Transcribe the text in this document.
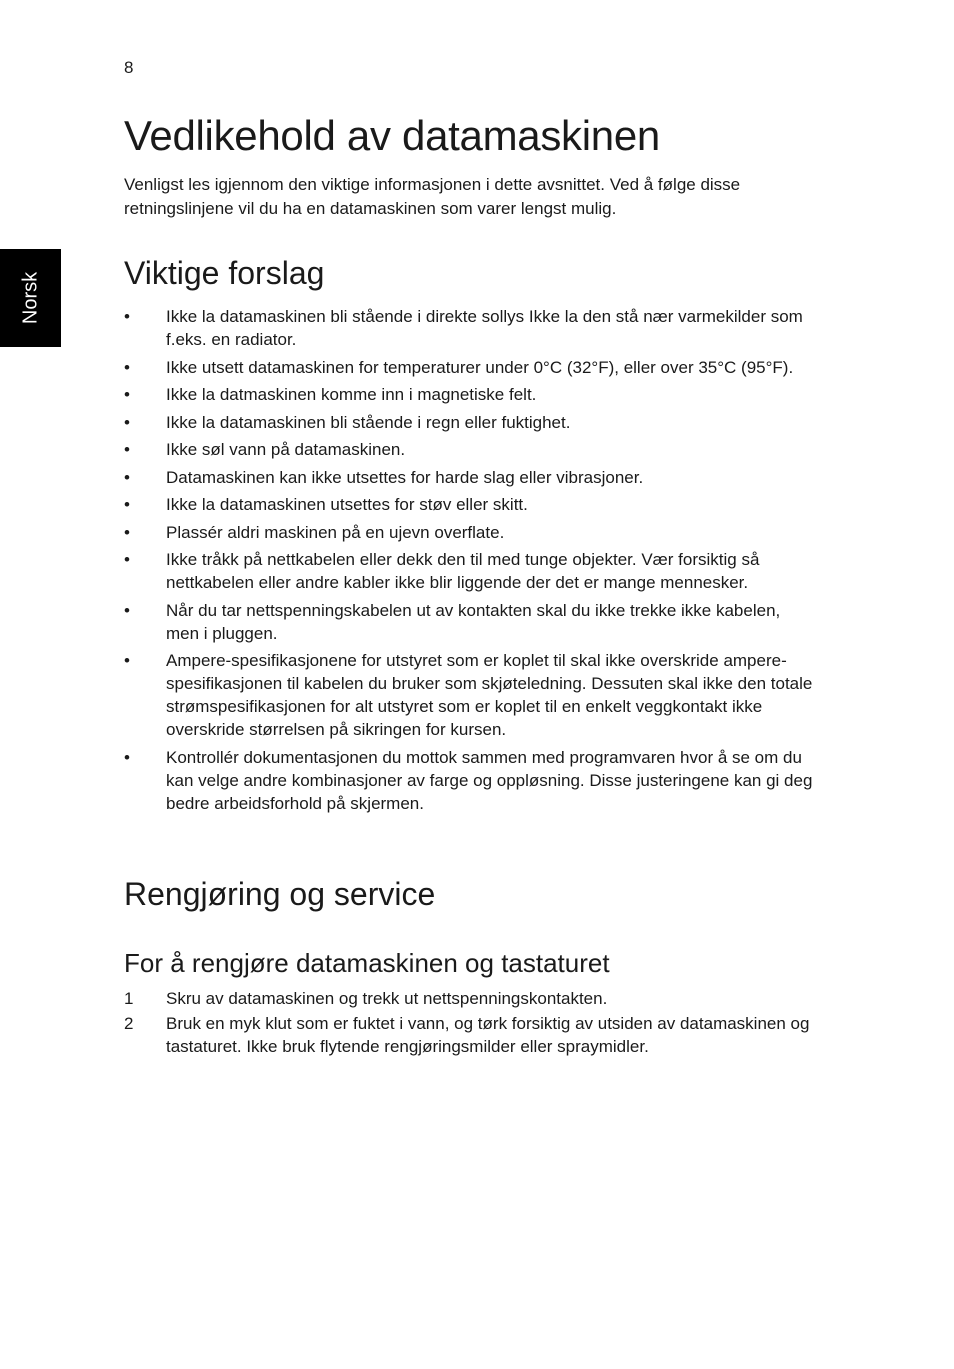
8
Norsk
Vedlikehold av datamaskinen

Venligst les igjennom den viktige informasjonen i dette avsnittet. Ved å følge disse retningslinjene vil du ha en datamaskinen som varer lengst mulig.

Viktige forslag
•	Ikke la datamaskinen bli stående i direkte sollys Ikke la den stå nær varmekilder som f.eks. en radiator.
•	Ikke utsett datamaskinen for temperaturer under 0°C (32°F), eller over 35°C (95°F).
•	Ikke la datmaskinen komme inn i magnetiske felt.
•	Ikke la datamaskinen bli stående i regn eller fuktighet.
•	Ikke søl vann på datamaskinen.
•	Datamaskinen kan ikke utsettes for harde slag eller vibrasjoner.
•	Ikke la datamaskinen utsettes for støv eller skitt.
•	Plassér aldri maskinen på en ujevn overflate.
•	Ikke tråkk på nettkabelen eller dekk den til med tunge objekter. Vær forsiktig så nettkabelen eller andre kabler ikke blir liggende der det er mange mennesker.
•	Når du tar nettspenningskabelen ut av kontakten skal du ikke trekke ikke kabelen, men i pluggen.
•	Ampere-spesifikasjonene for utstyret som er koplet til skal ikke overskride ampere-spesifikasjonen til kabelen du bruker som skjøteledning. Dessuten skal ikke den totale strømspesifikasjonen for alt utstyret som er koplet til en enkelt veggkontakt ikke overskride størrelsen på sikringen for kursen.
•	Kontrollér dokumentasjonen du mottok sammen med programvaren hvor å se om du kan velge andre kombinasjoner av farge og oppløsning. Disse justeringene kan gi deg bedre arbeidsforhold på skjermen.
Rengjøring og service
For å rengjøre datamaskinen og tastaturet
1	Skru av datamaskinen og trekk ut nettspenningskontakten.
2	Bruk en myk klut som er fuktet i vann, og tørk forsiktig av utsiden av datamaskinen og tastaturet. Ikke bruk flytende rengjøringsmilder eller spraymidler.
